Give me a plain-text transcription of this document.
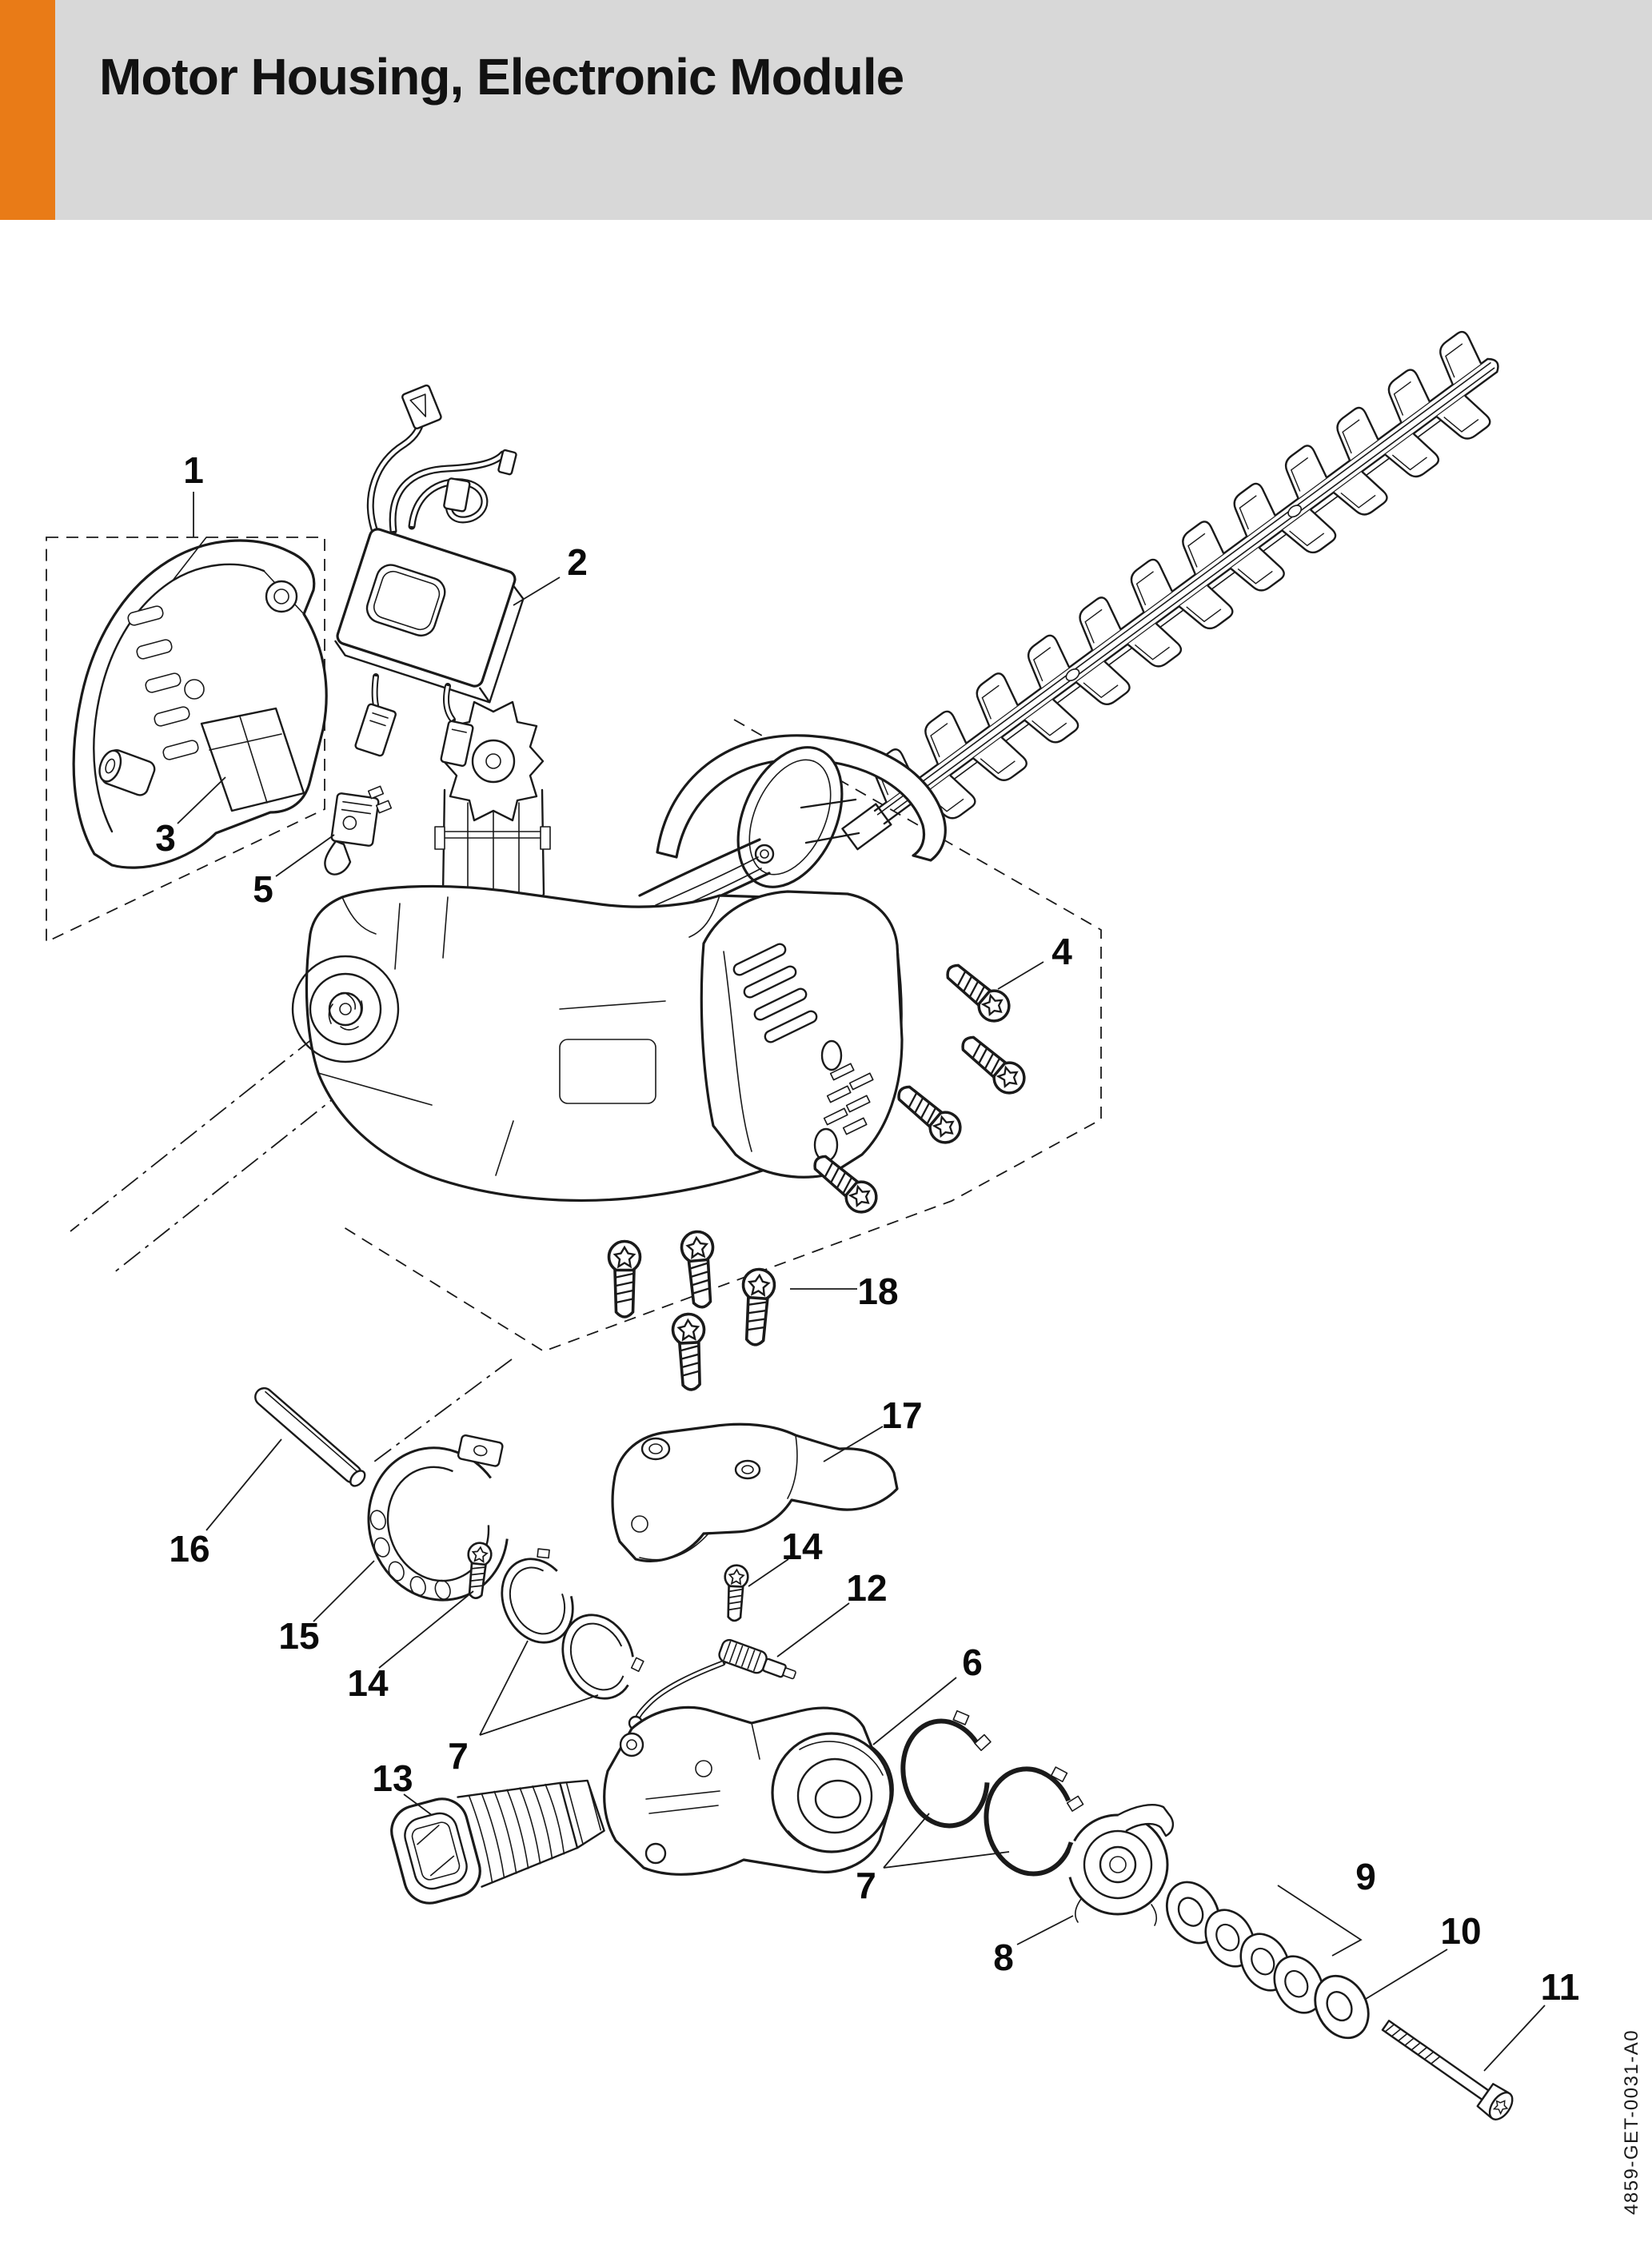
Motor Housing, Electronic Module
1
2
3
4
5
6
7
7
8
9
10
11
12
13
14
14
15
16
17
18
4859-GET-0031-A0
